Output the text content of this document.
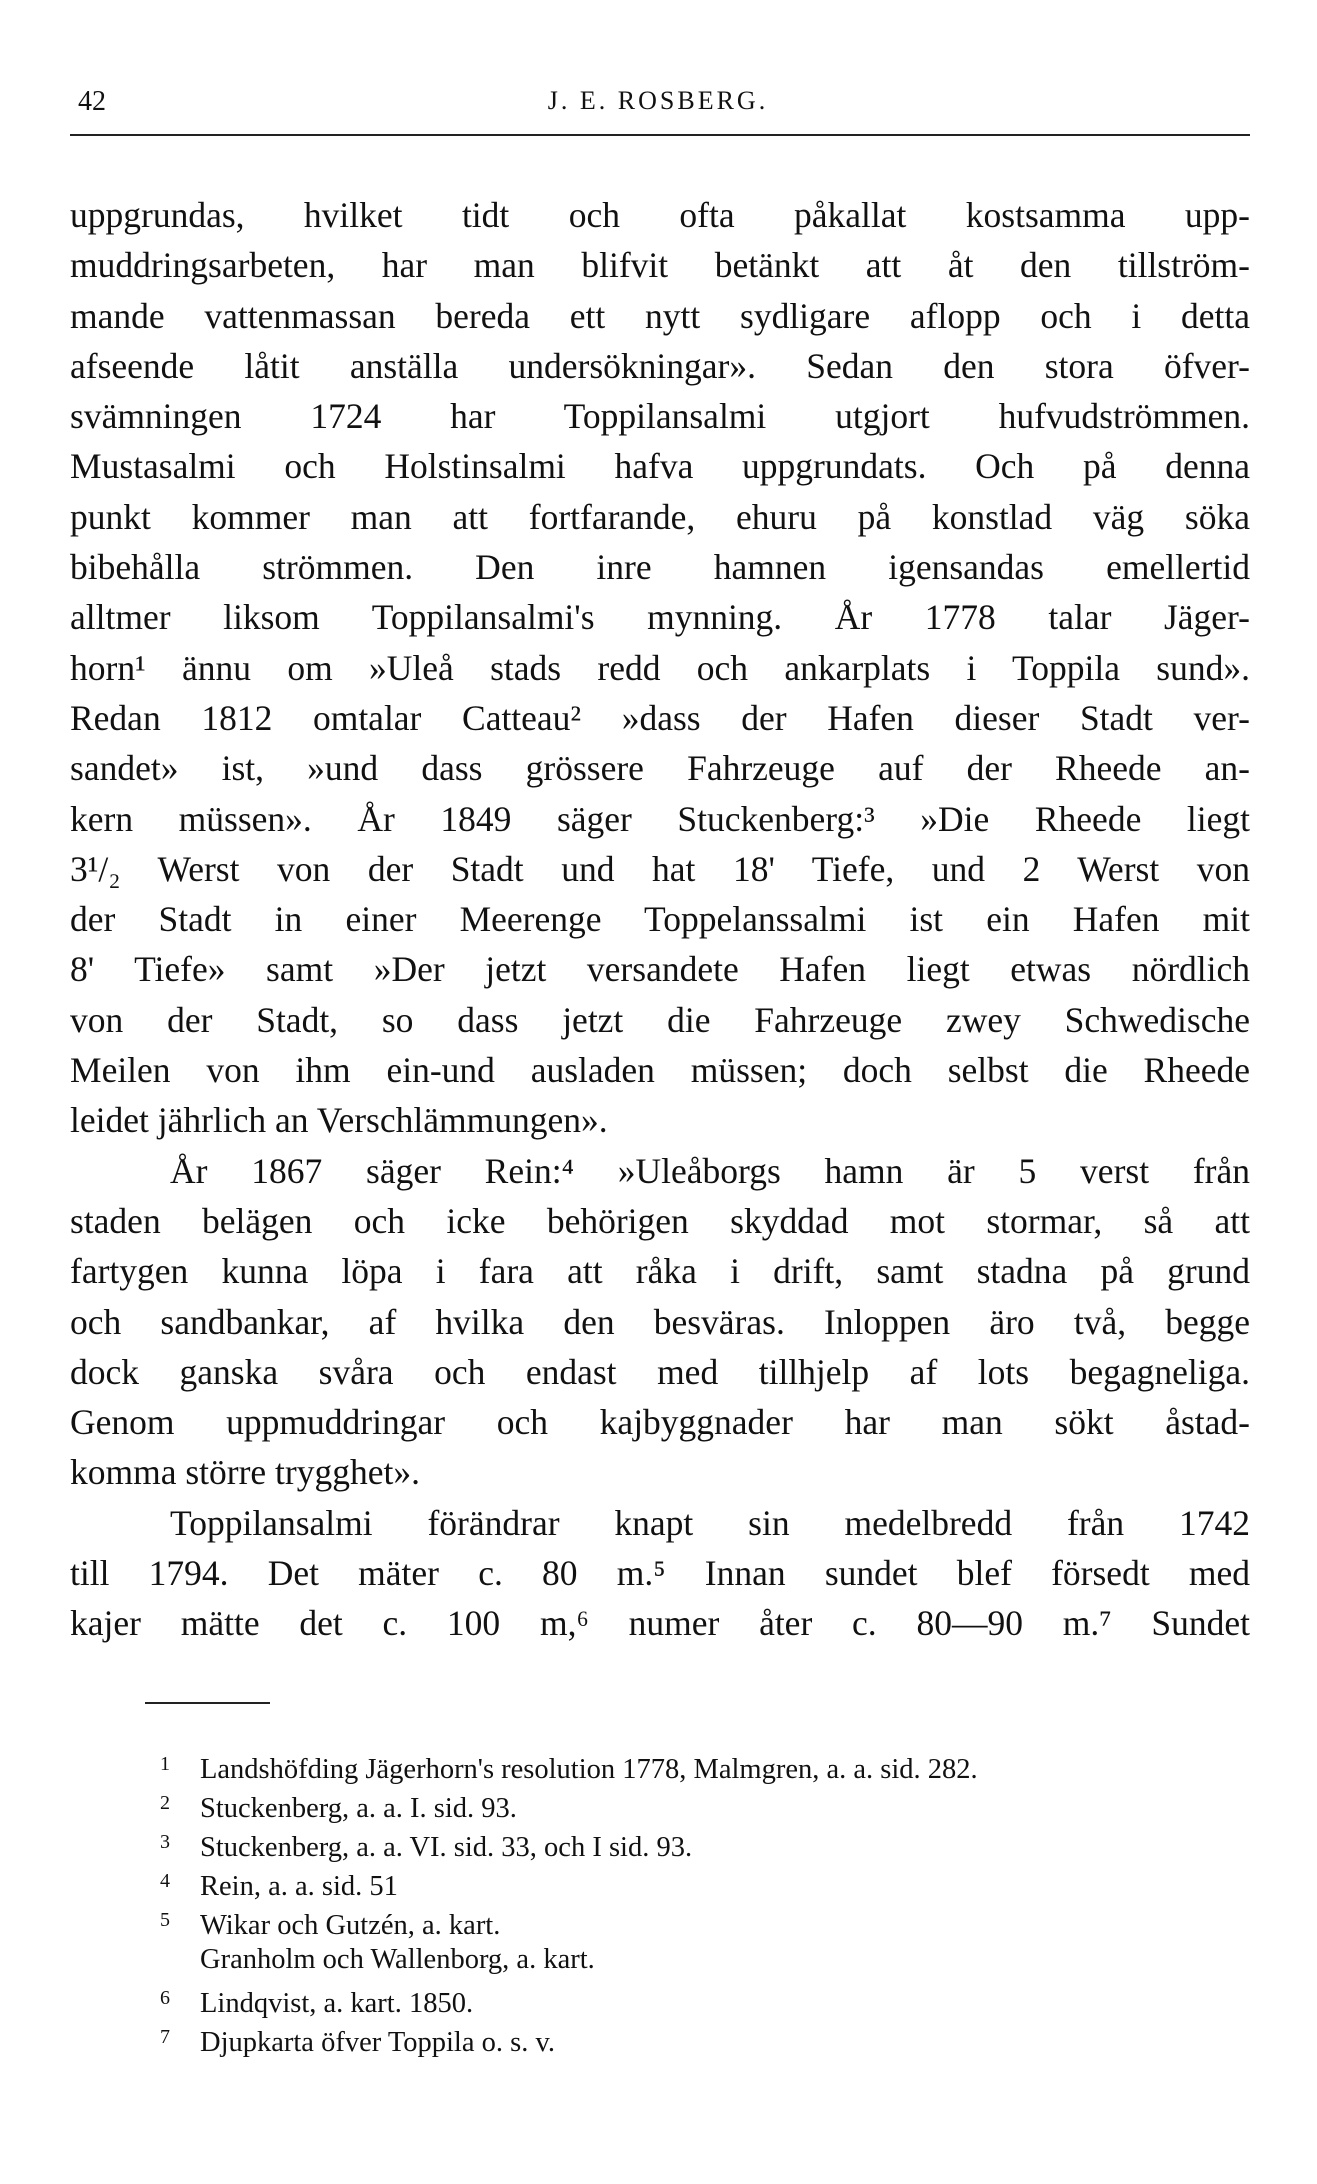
42	J. E. ROSBERG.
uppgrundas, hvilket tidt och ofta påkallat kostsamma upp-
muddringsarbeten, har man blifvit betänkt att åt den tillström-
mande vattenmassan bereda ett nytt sydligare aflopp och i detta
afseende låtit anställa undersökningar». Sedan den stora öfver-
svämningen 1724 har Toppilansalmi utgjort hufvudströmmen.
Mustasalmi och Holstinsalmi hafva uppgrundats. Och på denna
punkt kommer man att fortfarande, ehuru på konstlad väg söka
bibehålla strömmen. Den inre hamnen igensandas emellertid
alltmer liksom Toppilansalmi's mynning. År 1778 talar Jäger-
horn¹ ännu om »Uleå stads redd och ankarplats i Toppila sund».
Redan 1812 omtalar Catteau² »dass der Hafen dieser Stadt ver-
sandet» ist, »und dass grössere Fahrzeuge auf der Rheede an-
kern müssen». År 1849 säger Stuckenberg:³ »Die Rheede liegt
3¹/₂ Werst von der Stadt und hat 18' Tiefe, und 2 Werst von
der Stadt in einer Meerenge Toppelanssalmi ist ein Hafen mit
8' Tiefe» samt »Der jetzt versandete Hafen liegt etwas nördlich
von der Stadt, so dass jetzt die Fahrzeuge zwey Schwedische
Meilen von ihm ein-und ausladen müssen; doch selbst die Rheede
leidet jährlich an Verschlämmungen».
År 1867 säger Rein:⁴ »Uleåborgs hamn är 5 verst från
staden belägen och icke behörigen skyddad mot stormar, så att
fartygen kunna löpa i fara att råka i drift, samt stadna på grund
och sandbankar, af hvilka den besväras. Inloppen äro två, begge
dock ganska svåra och endast med tillhjelp af lots begagneliga.
Genom uppmuddringar och kajbyggnader har man sökt åstad-
komma större trygghet».
Toppilansalmi förändrar knapt sin medelbredd från 1742
till 1794. Det mäter c. 80 m.⁵ Innan sundet blef försedt med
kajer mätte det c. 100 m,⁶ numer åter c. 80—90 m.⁷ Sundet
1 Landshöfding Jägerhorn's resolution 1778, Malmgren, a. a. sid. 282.
2 Stuckenberg, a. a. I. sid. 93.
3 Stuckenberg, a. a. VI. sid. 33, och I sid. 93.
4 Rein, a. a. sid. 51
5 Wikar och Gutzén, a. kart.
Granholm och Wallenborg, a. kart.
6 Lindqvist, a. kart. 1850.
7 Djupkarta öfver Toppila o. s. v.
